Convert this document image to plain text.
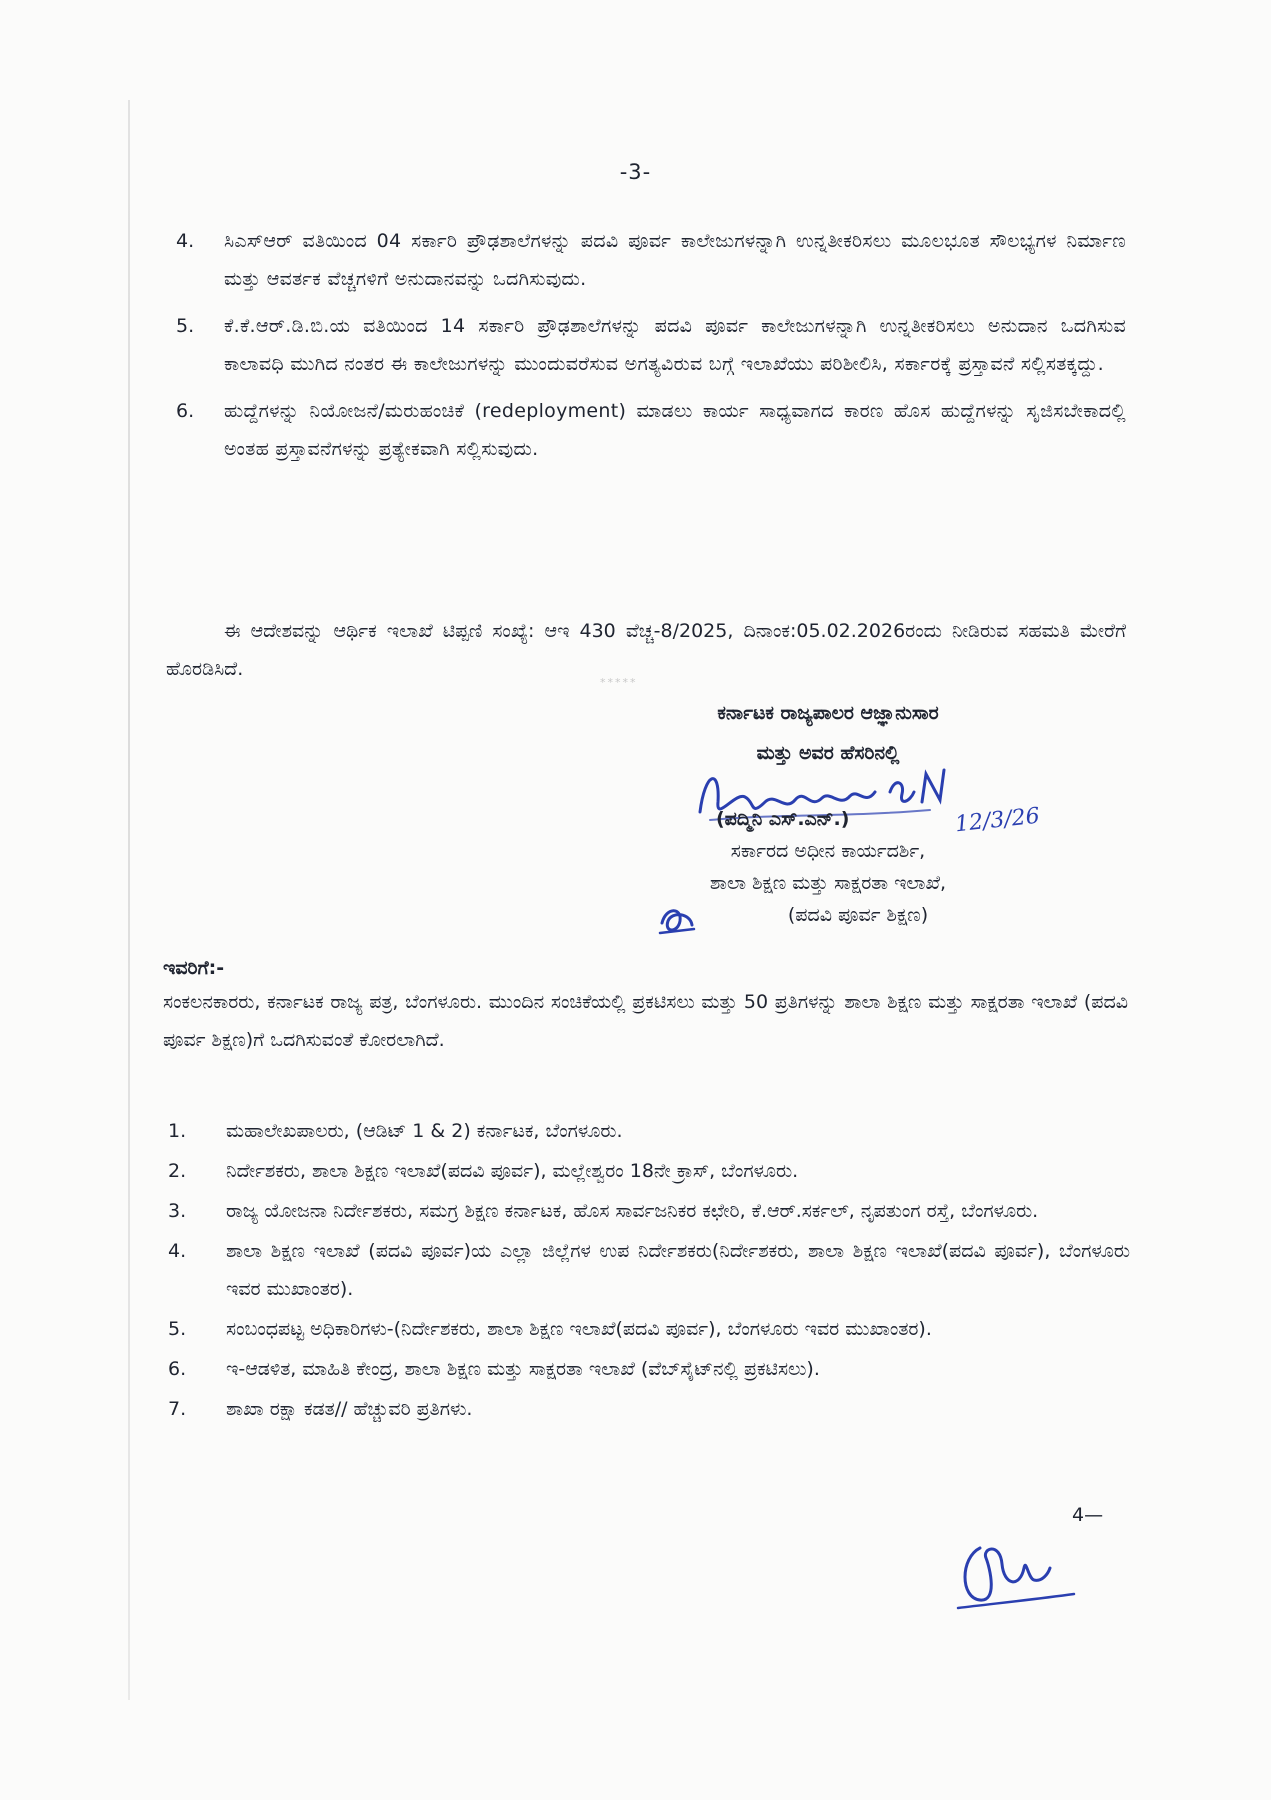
-3-
4.	ಸಿಎಸ್‌ಆರ್ ವತಿಯಿಂದ 04 ಸರ್ಕಾರಿ ಪ್ರೌಢಶಾಲೆಗಳನ್ನು ಪದವಿ ಪೂರ್ವ ಕಾಲೇಜುಗಳನ್ನಾಗಿ ಉನ್ನತೀಕರಿಸಲು ಮೂಲಭೂತ ಸೌಲಭ್ಯಗಳ ನಿರ್ಮಾಣ ಮತ್ತು ಆವರ್ತಕ ವೆಚ್ಚಗಳಿಗೆ ಅನುದಾನವನ್ನು ಒದಗಿಸುವುದು.
5.	ಕೆ.ಕೆ.ಆರ್.ಡಿ.ಬಿ.ಯ ವತಿಯಿಂದ 14 ಸರ್ಕಾರಿ ಪ್ರೌಢಶಾಲೆಗಳನ್ನು ಪದವಿ ಪೂರ್ವ ಕಾಲೇಜುಗಳನ್ನಾಗಿ ಉನ್ನತೀಕರಿಸಲು ಅನುದಾನ ಒದಗಿಸುವ ಕಾಲಾವಧಿ ಮುಗಿದ ನಂತರ ಈ ಕಾಲೇಜುಗಳನ್ನು ಮುಂದುವರೆಸುವ ಅಗತ್ಯವಿರುವ ಬಗ್ಗೆ ಇಲಾಖೆಯು ಪರಿಶೀಲಿಸಿ, ಸರ್ಕಾರಕ್ಕೆ ಪ್ರಸ್ತಾವನೆ ಸಲ್ಲಿಸತಕ್ಕದ್ದು.
6.	ಹುದ್ದೆಗಳನ್ನು ನಿಯೋಜನೆ/ಮರುಹಂಚಿಕೆ (redeployment) ಮಾಡಲು ಕಾರ್ಯ ಸಾಧ್ಯವಾಗದ ಕಾರಣ ಹೊಸ ಹುದ್ದೆಗಳನ್ನು ಸೃಜಿಸಬೇಕಾದಲ್ಲಿ ಅಂತಹ ಪ್ರಸ್ತಾವನೆಗಳನ್ನು ಪ್ರತ್ಯೇಕವಾಗಿ ಸಲ್ಲಿಸುವುದು.
ಈ ಆದೇಶವನ್ನು ಆರ್ಥಿಕ ಇಲಾಖೆ ಟಿಪ್ಪಣಿ ಸಂಖ್ಯೆ: ಆಇ 430 ವೆಚ್ಚ-8/2025, ದಿನಾಂಕ:05.02.2026ರಂದು ನೀಡಿರುವ ಸಹಮತಿ ಮೇರೆಗೆ ಹೊರಡಿಸಿದೆ.
*****
ಕರ್ನಾಟಕ ರಾಜ್ಯಪಾಲರ ಆಜ್ಞಾನುಸಾರ
ಮತ್ತು ಅವರ ಹೆಸರಿನಲ್ಲಿ
(ಪದ್ಮಿನಿ ಎಸ್.ಎನ್.)	12/3/26
ಸರ್ಕಾರದ ಅಧೀನ ಕಾರ್ಯದರ್ಶಿ,
ಶಾಲಾ ಶಿಕ್ಷಣ ಮತ್ತು ಸಾಕ್ಷರತಾ ಇಲಾಖೆ,
(ಪದವಿ ಪೂರ್ವ ಶಿಕ್ಷಣ)
ಇವರಿಗೆ:-
ಸಂಕಲನಕಾರರು, ಕರ್ನಾಟಕ ರಾಜ್ಯ ಪತ್ರ, ಬೆಂಗಳೂರು. ಮುಂದಿನ ಸಂಚಿಕೆಯಲ್ಲಿ ಪ್ರಕಟಿಸಲು ಮತ್ತು 50 ಪ್ರತಿಗಳನ್ನು ಶಾಲಾ ಶಿಕ್ಷಣ ಮತ್ತು ಸಾಕ್ಷರತಾ ಇಲಾಖೆ (ಪದವಿ ಪೂರ್ವ ಶಿಕ್ಷಣ)ಗೆ ಒದಗಿಸುವಂತೆ ಕೋರಲಾಗಿದೆ.
1.	ಮಹಾಲೇಖಪಾಲರು, (ಆಡಿಟ್ 1 & 2) ಕರ್ನಾಟಕ, ಬೆಂಗಳೂರು.
2.	ನಿರ್ದೇಶಕರು, ಶಾಲಾ ಶಿಕ್ಷಣ ಇಲಾಖೆ(ಪದವಿ ಪೂರ್ವ), ಮಲ್ಲೇಶ್ವರಂ 18ನೇ ಕ್ರಾಸ್, ಬೆಂಗಳೂರು.
3.	ರಾಜ್ಯ ಯೋಜನಾ ನಿರ್ದೇಶಕರು, ಸಮಗ್ರ ಶಿಕ್ಷಣ ಕರ್ನಾಟಕ, ಹೊಸ ಸಾರ್ವಜನಿಕರ ಕಛೇರಿ, ಕೆ.ಆರ್.ಸರ್ಕಲ್, ನೃಪತುಂಗ ರಸ್ತೆ, ಬೆಂಗಳೂರು.
4.	ಶಾಲಾ ಶಿಕ್ಷಣ ಇಲಾಖೆ (ಪದವಿ ಪೂರ್ವ)ಯ ಎಲ್ಲಾ ಜಿಲ್ಲೆಗಳ ಉಪ ನಿರ್ದೇಶಕರು(ನಿರ್ದೇಶಕರು, ಶಾಲಾ ಶಿಕ್ಷಣ ಇಲಾಖೆ(ಪದವಿ ಪೂರ್ವ), ಬೆಂಗಳೂರು ಇವರ ಮುಖಾಂತರ).
5.	ಸಂಬಂಧಪಟ್ಟ ಅಧಿಕಾರಿಗಳು-(ನಿರ್ದೇಶಕರು, ಶಾಲಾ ಶಿಕ್ಷಣ ಇಲಾಖೆ(ಪದವಿ ಪೂರ್ವ), ಬೆಂಗಳೂರು ಇವರ ಮುಖಾಂತರ).
6.	ಇ-ಆಡಳಿತ, ಮಾಹಿತಿ ಕೇಂದ್ರ, ಶಾಲಾ ಶಿಕ್ಷಣ ಮತ್ತು ಸಾಕ್ಷರತಾ ಇಲಾಖೆ (ವೆಬ್‌ಸೈಟ್‌ನಲ್ಲಿ ಪ್ರಕಟಿಸಲು).
7.	ಶಾಖಾ ರಕ್ಷಾ ಕಡತ// ಹೆಚ್ಚುವರಿ ಪ್ರತಿಗಳು.
4—
